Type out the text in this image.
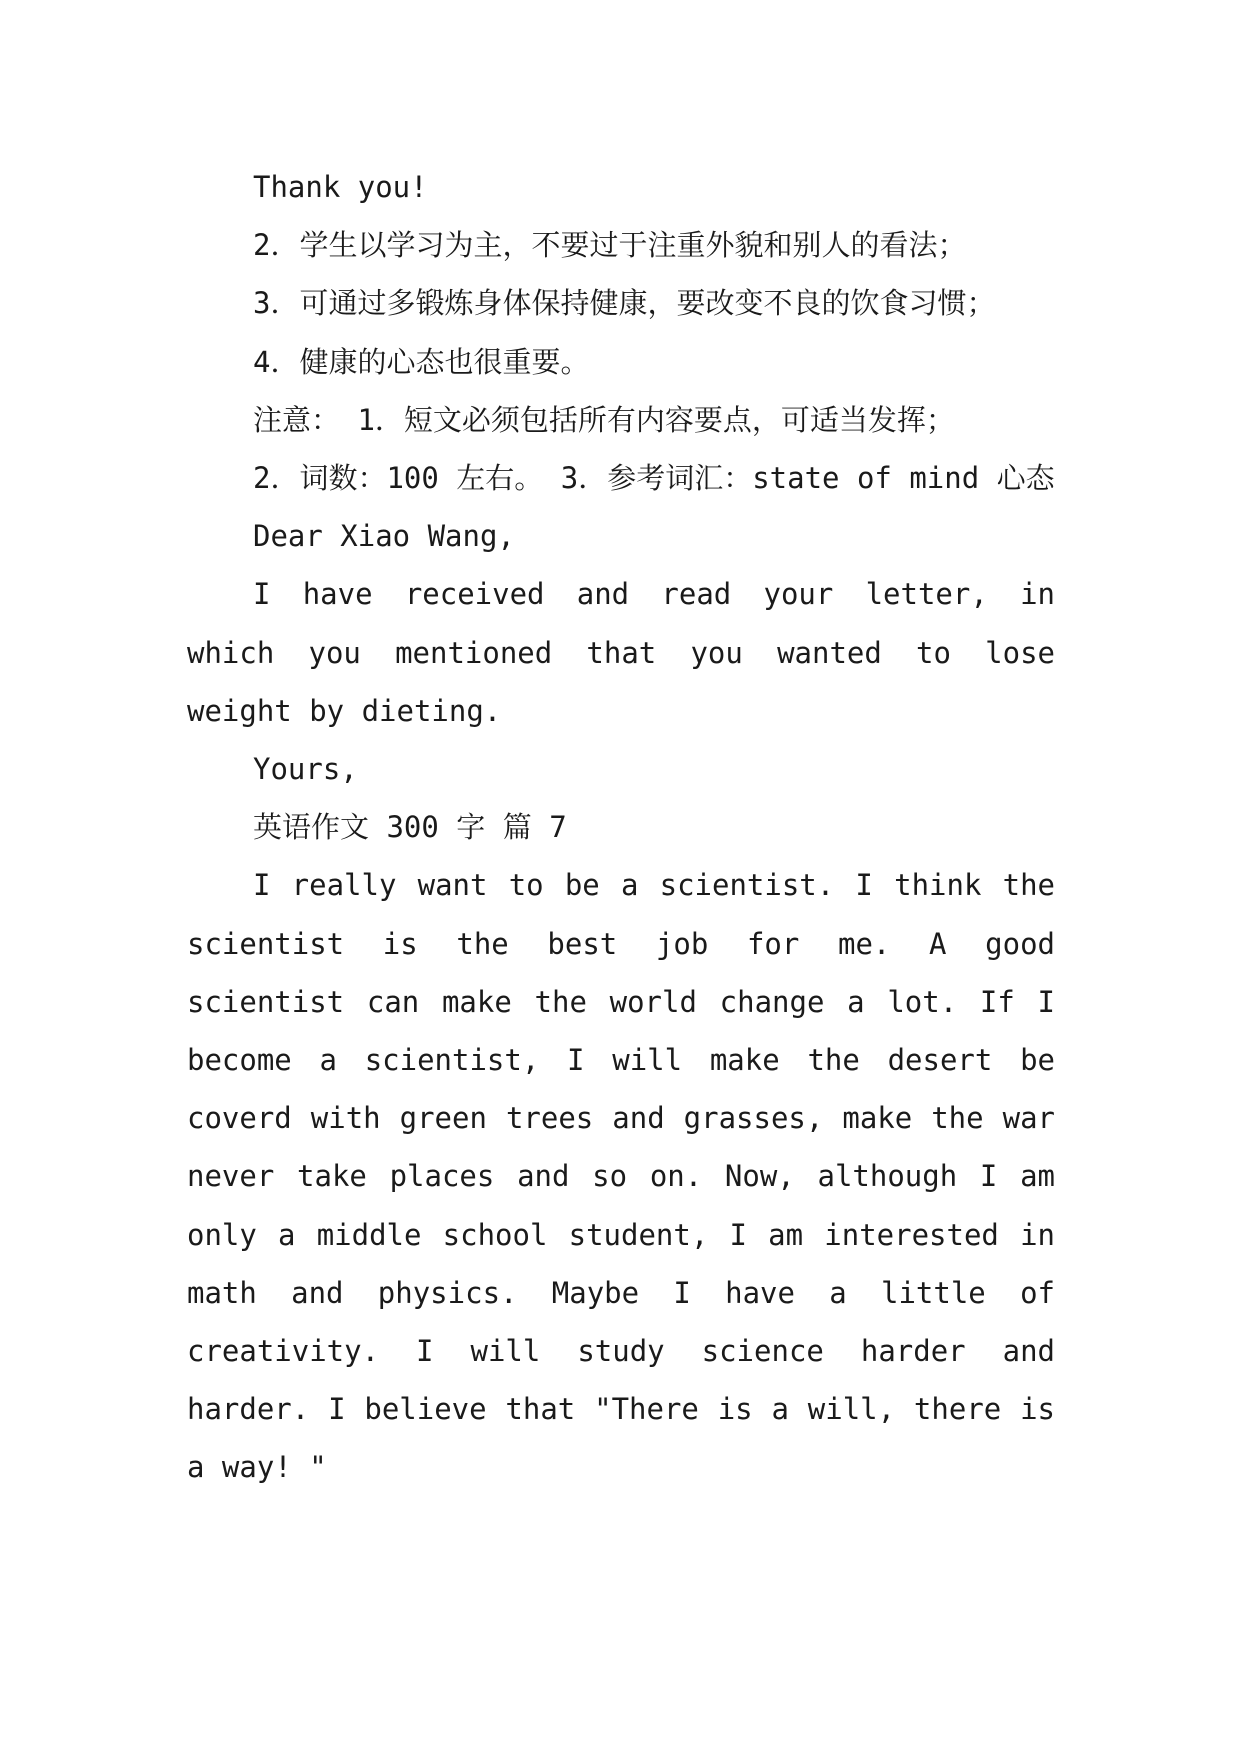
Thank you!

2．学生以学习为主，不要过于注重外貌和别人的看法；

3．可通过多锻炼身体保持健康，要改变不良的饮食习惯；

4．健康的心态也很重要。

注意： 1．短文必须包括所有内容要点，可适当发挥；

2．词数：100 左右。 3．参考词汇：state of mind 心态

Dear Xiao Wang,

I have received and read your letter, in which you mentioned that you wanted to lose weight by dieting.

Yours,

英语作文 300 字 篇 7

I really want to be a scientist. I think the scientist is the best job for me. A good scientist can make the world change a lot. If I become a scientist, I will make the desert be coverd with green trees and grasses, make the war never take places and so on. Now, although I am only a middle school student, I am interested in math and physics. Maybe I have a little of creativity. I will study science harder and harder. I believe that "There is a will, there is a way! "
